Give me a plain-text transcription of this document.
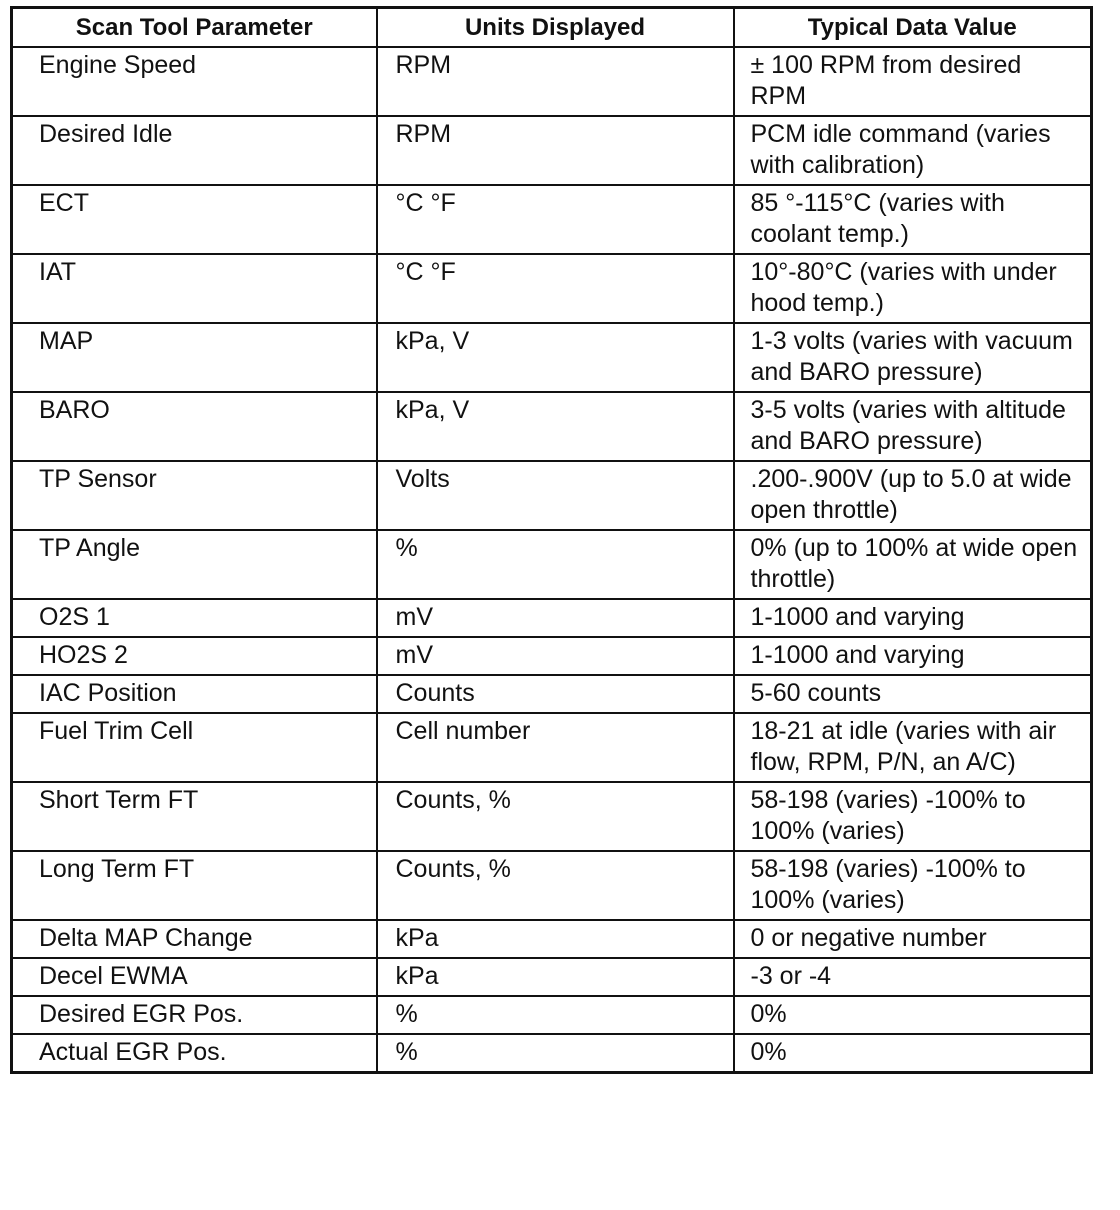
Scan Tool Parameter	Units Displayed	Typical Data Value
Engine Speed	RPM	± 100 RPM from desired RPM
Desired Idle	RPM	PCM idle command (varies with calibration)
ECT	°C °F	85 °-115°C (varies with coolant temp.)
IAT	°C °F	10°-80°C (varies with under hood temp.)
MAP	kPa, V	1-3 volts (varies with vacuum and BARO pressure)
BARO	kPa, V	3-5 volts (varies with altitude and BARO pressure)
TP Sensor	Volts	.200-.900V (up to 5.0 at wide open throttle)
TP Angle	%	0% (up to 100% at wide open throttle)
O2S 1	mV	1-1000 and varying
HO2S 2	mV	1-1000 and varying
IAC Position	Counts	5-60 counts
Fuel Trim Cell	Cell number	18-21 at idle (varies with air flow, RPM, P/N, an A/C)
Short Term FT	Counts, %	58-198 (varies) -100% to 100% (varies)
Long Term FT	Counts, %	58-198 (varies) -100% to 100% (varies)
Delta MAP Change	kPa	0 or negative number
Decel EWMA	kPa	-3 or -4
Desired EGR Pos.	%	0%
Actual EGR Pos.	%	0%
